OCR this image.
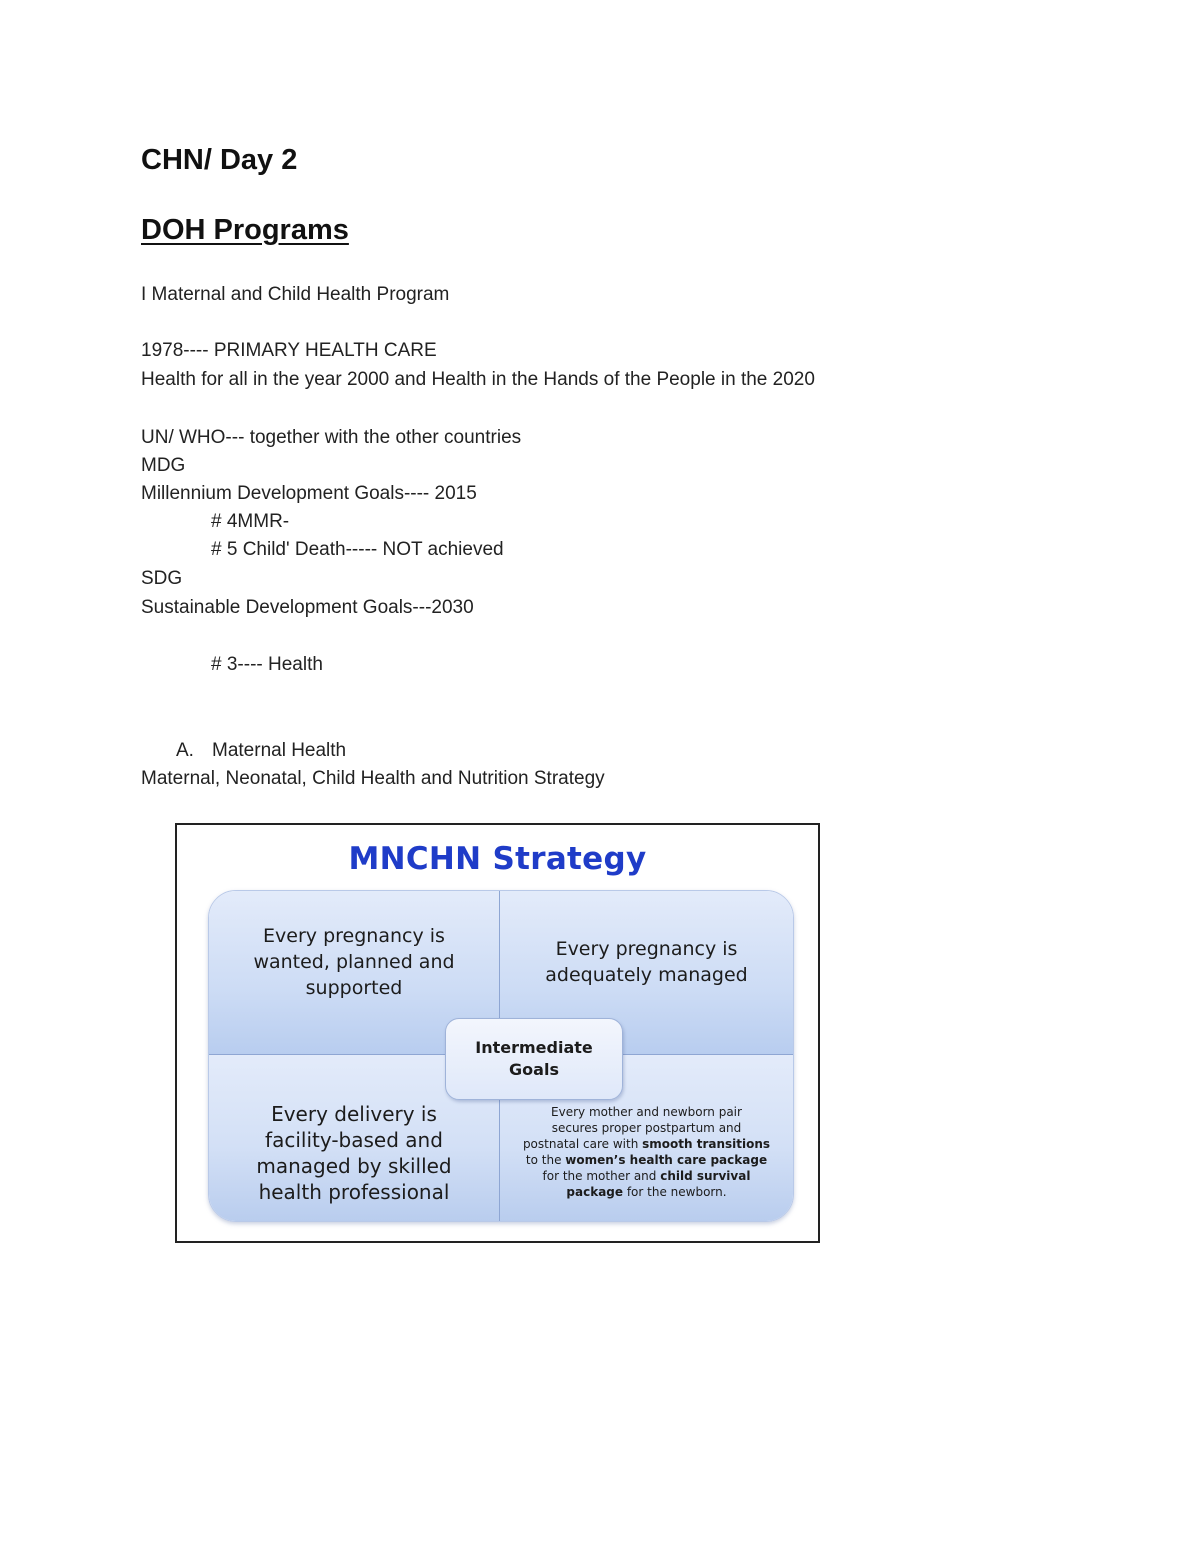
CHN/ Day 2
DOH Programs
I Maternal and Child Health Program
1978---- PRIMARY HEALTH CARE
Health for all in the year 2000 and Health in the Hands of the People in the 2020
UN/ WHO--- together with the other countries
MDG
Millennium Development Goals---- 2015
# 4MMR-
# 5 Child' Death----- NOT achieved
SDG
Sustainable Development Goals---2030
# 3---- Health
A. Maternal Health
Maternal, Neonatal, Child Health and Nutrition Strategy
MNCHN Strategy
Every pregnancy is
wanted, planned and
supported
Every pregnancy is
adequately managed
Every delivery is
facility-based and
managed by skilled
health professional
Every mother and newborn pair
secures proper postpartum and
postnatal care with smooth transitions
to the women’s health care package
for the mother and child survival
package for the newborn.
Intermediate
Goals
